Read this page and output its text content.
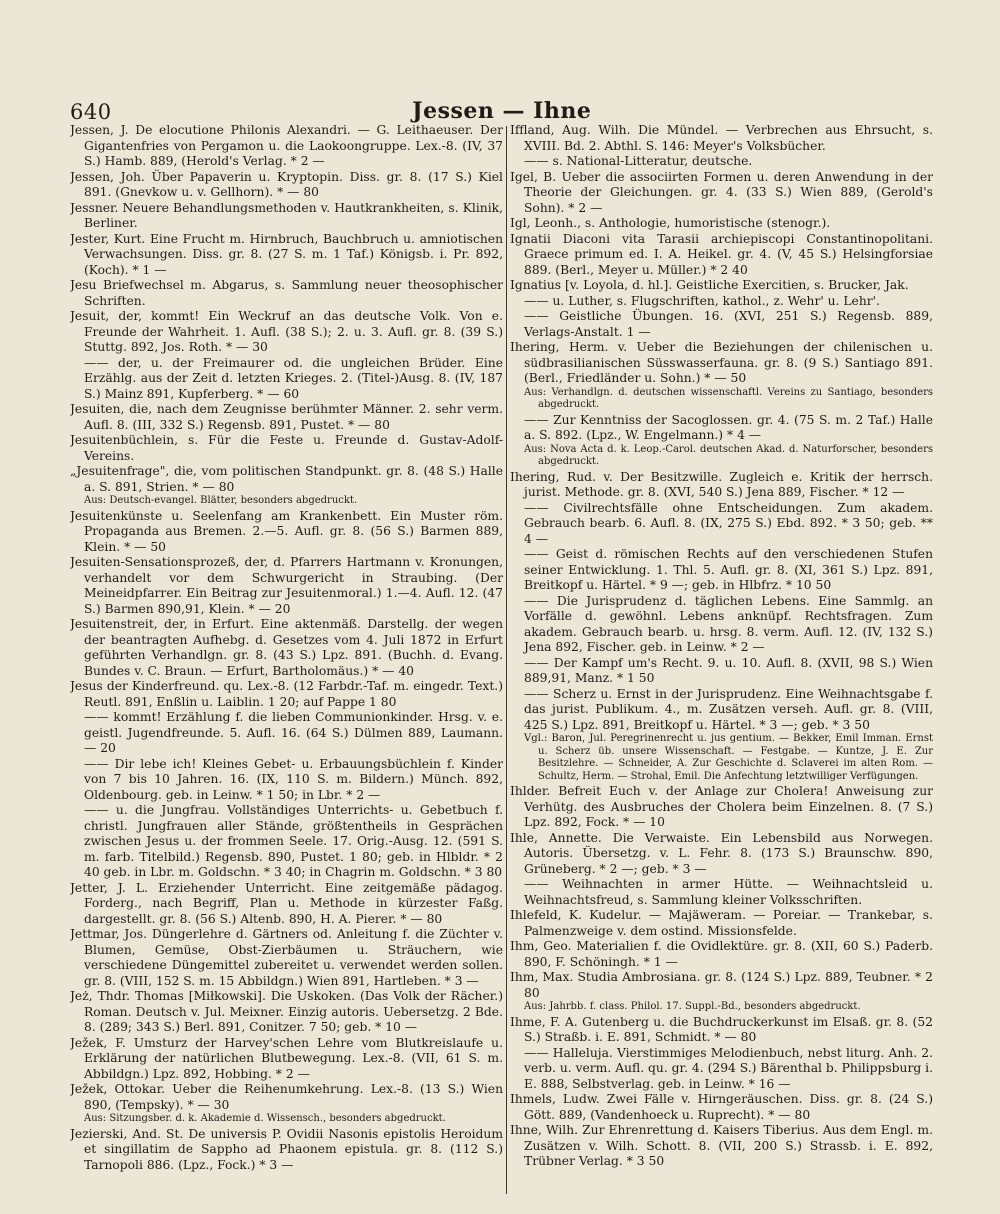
640	Jessen — Ihne

Jessen, J. De elocutione Philonis Alexandri. — G. Leithaeuser. Der Gigantenfries von Pergamon u. die Laokoongruppe. Lex.-8. (IV, 37 S.) Hamb. 889, (Herold's Verlag. * 2 —

Jessen, Joh. Über Papaverin u. Kryptopin. Diss. gr. 8. (17 S.) Kiel 891. (Gnevkow u. v. Gellhorn). * — 80

Jessner. Neuere Behandlungsmethoden v. Hautkrankheiten, s. Klinik, Berliner.

Jester, Kurt. Eine Frucht m. Hirnbruch, Bauchbruch u. amniotischen Verwachsungen. Diss. gr. 8. (27 S. m. 1 Taf.) Königsb. i. Pr. 892, (Koch). * 1 —

Jesu Briefwechsel m. Abgarus, s. Sammlung neuer theosophischer Schriften.

Jesuit, der, kommt! Ein Weckruf an das deutsche Volk. Von e. Freunde der Wahrheit. 1. Aufl. (38 S.); 2. u. 3. Aufl. gr. 8. (39 S.) Stuttg. 892, Jos. Roth. * — 30

—— der, u. der Freimaurer od. die ungleichen Brüder. Eine Erzählg. aus der Zeit d. letzten Krieges. 2. (Titel-)Ausg. 8. (IV, 187 S.) Mainz 891, Kupferberg. * — 60

Jesuiten, die, nach dem Zeugnisse berühmter Männer. 2. sehr verm. Aufl. 8. (III, 332 S.) Regensb. 891, Pustet. * — 80

Jesuitenbüchlein, s. Für die Feste u. Freunde d. Gustav-Adolf-Vereins.

„Jesuitenfrage", die, vom politischen Standpunkt. gr. 8. (48 S.) Halle a. S. 891, Strien. * — 80

Aus: Deutsch-evangel. Blätter, besonders abgedruckt.

Jesuitenkünste u. Seelenfang am Krankenbett. Ein Muster röm. Propaganda aus Bremen. 2.—5. Aufl. gr. 8. (56 S.) Barmen 889, Klein. * — 50

Jesuiten-Sensationsprozeß, der, d. Pfarrers Hartmann v. Kronungen, verhandelt vor dem Schwurgericht in Straubing. (Der Meineidpfarrer. Ein Beitrag zur Jesuitenmoral.) 1.—4. Aufl. 12. (47 S.) Barmen 890,91, Klein. * — 20

Jesuitenstreit, der, in Erfurt. Eine aktenmäß. Darstellg. der wegen der beantragten Aufhebg. d. Gesetzes vom 4. Juli 1872 in Erfurt geführten Verhandlgn. gr. 8. (43 S.) Lpz. 891. (Buchh. d. Evang. Bundes v. C. Braun. — Erfurt, Bartholomäus.) * — 40

Jesus der Kinderfreund. qu. Lex.-8. (12 Farbdr.-Taf. m. eingedr. Text.) Reutl. 891, Enßlin u. Laiblin. 1 20; auf Pappe 1 80

—— kommt! Erzählung f. die lieben Communionkinder. Hrsg. v. e. geistl. Jugendfreunde. 5. Aufl. 16. (64 S.) Dülmen 889, Laumann. — 20

—— Dir lebe ich! Kleines Gebet- u. Erbauungsbüchlein f. Kinder von 7 bis 10 Jahren. 16. (IX, 110 S. m. Bildern.) Münch. 892, Oldenbourg. geb. in Leinw. * 1 50; in Lbr. * 2 —

—— u. die Jungfrau. Vollständiges Unterrichts- u. Gebetbuch f. christl. Jungfrauen aller Stände, größtentheils in Gesprächen zwischen Jesus u. der frommen Seele. 17. Orig.-Ausg. 12. (591 S. m. farb. Titelbild.) Regensb. 890, Pustet. 1 80; geb. in Hlbldr. * 2 40 geb. in Lbr. m. Goldschn. * 3 40; in Chagrin m. Goldschn. * 3 80

Jetter, J. L. Erziehender Unterricht. Eine zeitgemäße pädagog. Forderg., nach Begriff, Plan u. Methode in kürzester Faßg. dargestellt. gr. 8. (56 S.) Altenb. 890, H. A. Pierer. * — 80

Jettmar, Jos. Düngerlehre d. Gärtners od. Anleitung f. die Züchter v. Blumen, Gemüse, Obst-Zierbäumen u. Sträuchern, wie verschiedene Düngemittel zubereitet u. verwendet werden sollen. gr. 8. (VIII, 152 S. m. 15 Abbildgn.) Wien 891, Hartleben. * 3 —

Jeż, Thdr. Thomas [Miłkowski]. Die Uskoken. (Das Volk der Rächer.) Roman. Deutsch v. Jul. Meixner. Einzig autoris. Uebersetzg. 2 Bde. 8. (289; 343 S.) Berl. 891, Conitzer. 7 50; geb. * 10 —

Ježek, F. Umsturz der Harvey'schen Lehre vom Blutkreislaufe u. Erklärung der natürlichen Blutbewegung. Lex.-8. (VII, 61 S. m. Abbildgn.) Lpz. 892, Hobbing. * 2 —

Ježek, Ottokar. Ueber die Reihenumkehrung. Lex.-8. (13 S.) Wien 890, (Tempsky). * — 30

Aus: Sitzungsber. d. k. Akademie d. Wissensch., besonders abgedruckt.

Jezierski, And. St. De universis P. Ovidii Nasonis epistolis Heroidum et singillatim de Sappho ad Phaonem epistula. gr. 8. (112 S.) Tarnopoli 886. (Lpz., Fock.) * 3 —

Iffland, Aug. Wilh. Die Mündel. — Verbrechen aus Ehrsucht, s. XVIII. Bd. 2. Abthl. S. 146: Meyer's Volksbücher.

—— s. National-Litteratur, deutsche.

Igel, B. Ueber die associirten Formen u. deren Anwendung in der Theorie der Gleichungen. gr. 4. (33 S.) Wien 889, (Gerold's Sohn). * 2 —

Igl, Leonh., s. Anthologie, humoristische (stenogr.).

Ignatii Diaconi vita Tarasii archiepiscopi Constantinopolitani. Graece primum ed. I. A. Heikel. gr. 4. (V, 45 S.) Helsingforsiae 889. (Berl., Meyer u. Müller.) * 2 40

Ignatius [v. Loyola, d. hl.]. Geistliche Exercitien, s. Brucker, Jak.

—— u. Luther, s. Flugschriften, kathol., z. Wehr' u. Lehr'.

—— Geistliche Übungen. 16. (XVI, 251 S.) Regensb. 889, Verlags-Anstalt. 1 —

Ihering, Herm. v. Ueber die Beziehungen der chilenischen u. südbrasilianischen Süsswasserfauna. gr. 8. (9 S.) Santiago 891. (Berl., Friedländer u. Sohn.) * — 50

Aus: Verhandlgn. d. deutschen wissenschaftl. Vereins zu Santiago, besonders abgedruckt.

—— Zur Kenntniss der Sacoglossen. gr. 4. (75 S. m. 2 Taf.) Halle a. S. 892. (Lpz., W. Engelmann.) * 4 —

Aus: Nova Acta d. k. Leop.-Carol. deutschen Akad. d. Naturforscher, besonders abgedruckt.

Ihering, Rud. v. Der Besitzwille. Zugleich e. Kritik der herrsch. jurist. Methode. gr. 8. (XVI, 540 S.) Jena 889, Fischer. * 12 —

—— Civilrechtsfälle ohne Entscheidungen. Zum akadem. Gebrauch bearb. 6. Aufl. 8. (IX, 275 S.) Ebd. 892. * 3 50; geb. ** 4 —

—— Geist d. römischen Rechts auf den verschiedenen Stufen seiner Entwicklung. 1. Thl. 5. Aufl. gr. 8. (XI, 361 S.) Lpz. 891, Breitkopf u. Härtel. * 9 —; geb. in Hlbfrz. * 10 50

—— Die Jurisprudenz d. täglichen Lebens. Eine Sammlg. an Vorfälle d. gewöhnl. Lebens anknüpf. Rechtsfragen. Zum akadem. Gebrauch bearb. u. hrsg. 8. verm. Aufl. 12. (IV, 132 S.) Jena 892, Fischer. geb. in Leinw. * 2 —

—— Der Kampf um's Recht. 9. u. 10. Aufl. 8. (XVII, 98 S.) Wien 889,91, Manz. * 1 50

—— Scherz u. Ernst in der Jurisprudenz. Eine Weihnachtsgabe f. das jurist. Publikum. 4., m. Zusätzen verseh. Aufl. gr. 8. (VIII, 425 S.) Lpz. 891, Breitkopf u. Härtel. * 3 —; geb. * 3 50

Vgl.: Baron, Jul. Peregrinenrecht u. jus gentium. — Bekker, Emil Imman. Ernst u. Scherz üb. unsere Wissenschaft. — Festgabe. — Kuntze, J. E. Zur Besitzlehre. — Schneider, A. Zur Geschichte d. Sclaverei im alten Rom. — Schultz, Herm. — Strohal, Emil. Die Anfechtung letztwilliger Verfügungen.

Ihlder. Befreit Euch v. der Anlage zur Cholera! Anweisung zur Verhütg. des Ausbruches der Cholera beim Einzelnen. 8. (7 S.) Lpz. 892, Fock. * — 10

Ihle, Annette. Die Verwaiste. Ein Lebensbild aus Norwegen. Autoris. Übersetzg. v. L. Fehr. 8. (173 S.) Braunschw. 890, Grüneberg. * 2 —; geb. * 3 —

—— Weihnachten in armer Hütte. — Weihnachtsleid u. Weihnachtsfreud, s. Sammlung kleiner Volksschriften.

Ihlefeld, K. Kudelur. — Majäweram. — Poreiar. — Trankebar, s. Palmenzweige v. dem ostind. Missionsfelde.

Ihm, Geo. Materialien f. die Ovidlektüre. gr. 8. (XII, 60 S.) Paderb. 890, F. Schöningh. * 1 —

Ihm, Max. Studia Ambrosiana. gr. 8. (124 S.) Lpz. 889, Teubner. * 2 80

Aus: Jahrbb. f. class. Philol. 17. Suppl.-Bd., besonders abgedruckt.

Ihme, F. A. Gutenberg u. die Buchdruckerkunst im Elsaß. gr. 8. (52 S.) Straßb. i. E. 891, Schmidt. * — 80

—— Halleluja. Vierstimmiges Melodienbuch, nebst liturg. Anh. 2. verb. u. verm. Aufl. qu. gr. 4. (294 S.) Bärenthal b. Philippsburg i. E. 888, Selbstverlag. geb. in Leinw. * 16 —

Ihmels, Ludw. Zwei Fälle v. Hirngeräuschen. Diss. gr. 8. (24 S.) Gött. 889, (Vandenhoeck u. Ruprecht). * — 80

Ihne, Wilh. Zur Ehrenrettung d. Kaisers Tiberius. Aus dem Engl. m. Zusätzen v. Wilh. Schott. 8. (VII, 200 S.) Strassb. i. E. 892, Trübner Verlag. * 3 50
